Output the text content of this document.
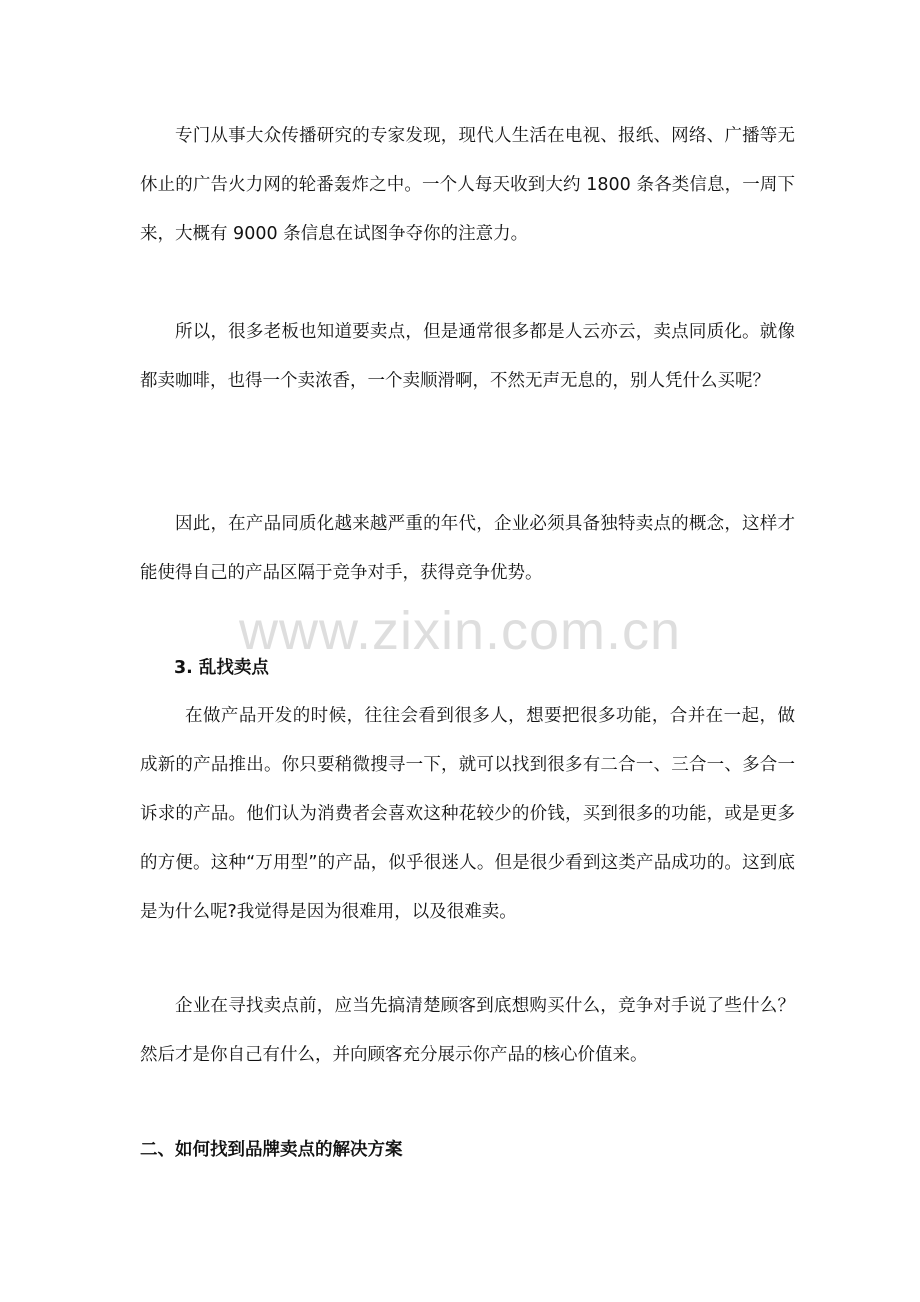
专门从事大众传播研究的专家发现，现代人生活在电视、报纸、网络、广播等无休止的广告火力网的轮番轰炸之中。一个人每天收到大约 1800 条各类信息，一周下来，大概有 9000 条信息在试图争夺你的注意力。

所以，很多老板也知道要卖点，但是通常很多都是人云亦云，卖点同质化。就像都卖咖啡，也得一个卖浓香，一个卖顺滑啊，不然无声无息的，别人凭什么买呢？

因此，在产品同质化越来越严重的年代，企业必须具备独特卖点的概念，这样才能使得自己的产品区隔于竞争对手，获得竞争优势。

www.zixin.com.cn
3. 乱找卖点

在做产品开发的时候，往往会看到很多人，想要把很多功能，合并在一起，做成新的产品推出。你只要稍微搜寻一下，就可以找到很多有二合一、三合一、多合一诉求的产品。他们认为消费者会喜欢这种花较少的价钱，买到很多的功能，或是更多的方便。这种“万用型”的产品，似乎很迷人。但是很少看到这类产品成功的。这到底是为什么呢?我觉得是因为很难用，以及很难卖。

企业在寻找卖点前，应当先搞清楚顾客到底想购买什么，竞争对手说了些什么？然后才是你自己有什么，并向顾客充分展示你产品的核心价值来。

二、如何找到品牌卖点的解决方案
